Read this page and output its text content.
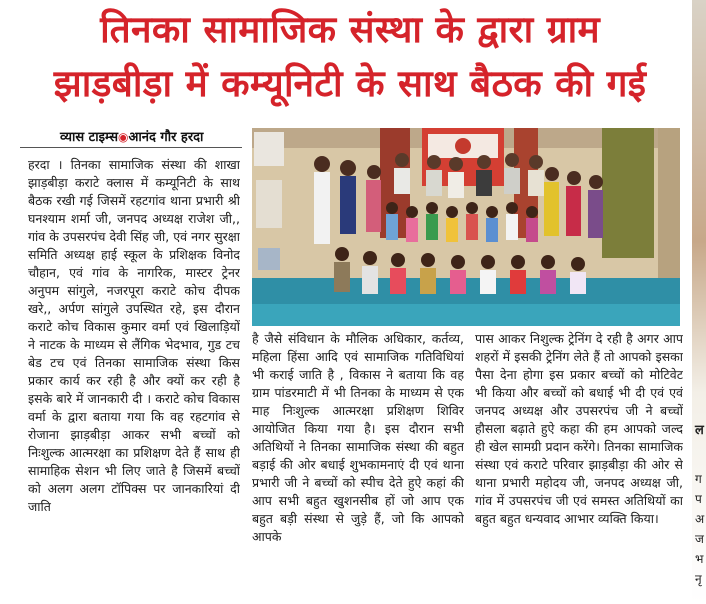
तिनका सामाजिक संस्था के द्वारा ग्राम
झाड़बीड़ा में कम्यूनिटी के साथ बैठक की गई
व्यास टाइम्स◉आनंद गौर हरदा
हरदा । तिनका सामाजिक संस्था की शाखा झाड़बीड़ा कराटे क्लास में कम्यूनिटी के साथ बैठक रखी गई जिसमें रहटगांव थाना प्रभारी श्री घनश्याम शर्मा जी, जनपद अध्यक्ष राजेश जी,, गांव के उपसरपंच देवी सिंह जी, एवं नगर सुरक्षा समिति अध्यक्ष हाई स्कूल के प्रशिक्षक विनोद चौहान, एवं गांव के नागरिक, मास्टर ट्रेनर अनुपम सांगुले, नजरपूरा कराटे कोच दीपक खरे,, अर्पण सांगुले उपस्थित रहे, इस दौरान कराटे कोच विकास कुमार वर्मा एवं खिलाड़ियों ने नाटक के माध्यम से लैंगिक भेदभाव, गुड टच बेड टच एवं तिनका सामाजिक संस्था किस प्रकार कार्य कर रही है और क्यों कर रही है इसके बारे में जानकारी दी । कराटे कोच विकास वर्मा के द्वारा बताया गया कि वह रहटगांव से रोजाना झाड़बीड़ा आकर सभी बच्चों को निःशुल्क आत्मरक्षा का प्रशिक्षण देते हैं साथ ही सामाहिक सेशन भी लिए जाते है जिसमें बच्चों को अलग अलग टॉपिक्स पर जानकारियां दी जाति
है जैसे संविधान के मौलिक अधिकार, कर्तव्य, महिला हिंसा आदि एवं सामाजिक गतिविधियां भी कराई जाति है , विकास ने बताया कि वह ग्राम पांडरमाटी में भी तिनका के माध्यम से एक माह निःशुल्क आत्मरक्षा प्रशिक्षण शिविर आयोजित किया गया है। इस दौरान सभी अतिथियों ने तिनका सामाजिक संस्था की बहुत बड़ाई की ओर बधाई शुभकामनाएं दी एवं थाना प्रभारी जी ने बच्चों को स्पीच देते हुऐ कहां की आप सभी बहुत खुशनसीब हों जो आप एक बहुत बड़ी संस्था से जुड़े हैं, जो कि आपको आपके
पास आकर निशुल्क ट्रेनिंग दे रही है अगर आप शहरों में इसकी ट्रेनिंग लेते हैं तो आपको इसका पैसा देना होगा इस प्रकार बच्चों को मोटिवेट भी किया और बच्चों को बधाई भी दी एवं एवं जनपद अध्यक्ष और उपसरपंच जी ने बच्चों हौसला बढ़ाते हुऐ कहा की हम आपको जल्द ही खेल सामग्री प्रदान करेंगे। तिनका सामाजिक संस्था एवं कराटे परिवार झाड़बीड़ा की ओर से थाना प्रभारी महोदय जी, जनपद अध्यक्ष जी, गांव में उपसरपंच जी एवं समस्त अतिथियों का बहुत बहुत धन्यवाद आभार व्यक्ति किया।
ल
ग
प
अ
ज
भ
नृ
